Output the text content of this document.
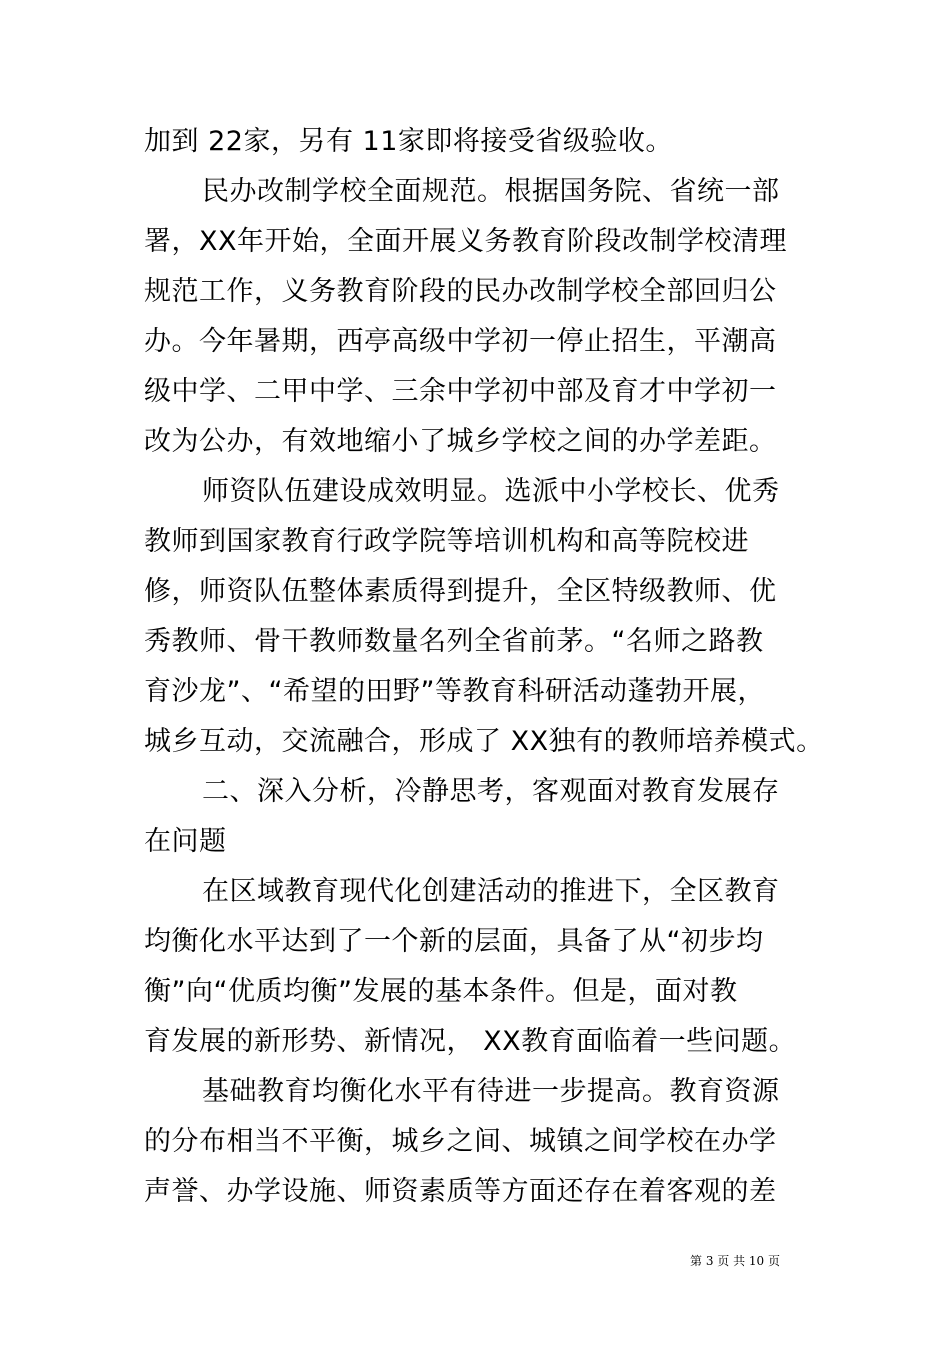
加到 22家，另有 11家即将接受省级验收。
民办改制学校全面规范。根据国务院、省统一部
署，XX年开始，全面开展义务教育阶段改制学校清理
规范工作，义务教育阶段的民办改制学校全部回归公
办。今年暑期，西亭高级中学初一停止招生，平潮高
级中学、二甲中学、三余中学初中部及育才中学初一
改为公办，有效地缩小了城乡学校之间的办学差距。
师资队伍建设成效明显。选派中小学校长、优秀
教师到国家教育行政学院等培训机构和高等院校进
修，师资队伍整体素质得到提升，全区特级教师、优
秀教师、骨干教师数量名列全省前茅。“名师之路教
育沙龙”、“希望的田野”等教育科研活动蓬勃开展，
城乡互动，交流融合，形成了 XX独有的教师培养模式。
二、深入分析，冷静思考，客观面对教育发展存
在问题
在区域教育现代化创建活动的推进下，全区教育
均衡化水平达到了一个新的层面，具备了从“初步均
衡”向“优质均衡”发展的基本条件。但是，面对教
育发展的新形势、新情况， XX教育面临着一些问题。
基础教育均衡化水平有待进一步提高。教育资源
的分布相当不平衡，城乡之间、城镇之间学校在办学
声誉、办学设施、师资素质等方面还存在着客观的差
第 3 页 共 10 页
